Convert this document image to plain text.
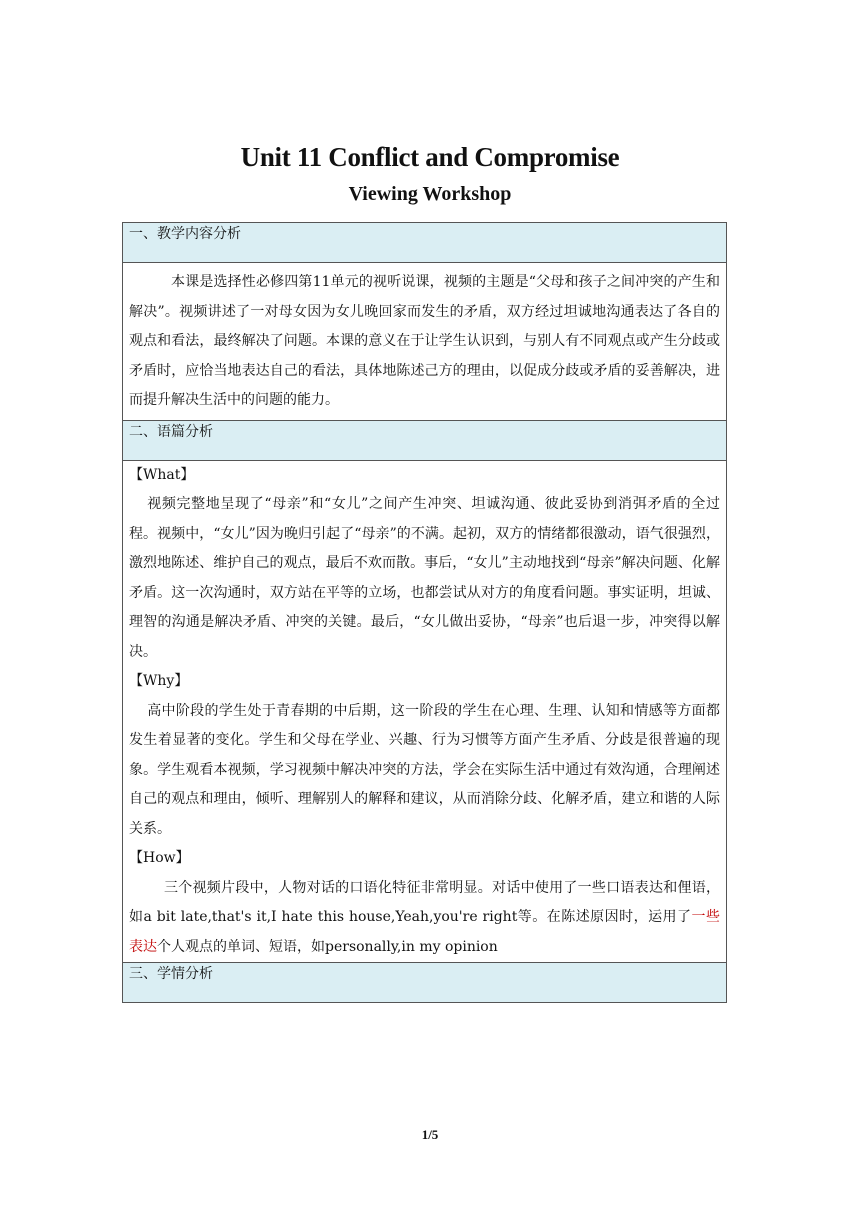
Unit 11 Conflict and Compromise
Viewing Workshop
一、教学内容分析

本课是选择性必修四第11单元的视听说课，视频的主题是“父母和孩子之间冲突的产生和解决”。视频讲述了一对母女因为女儿晚回家而发生的矛盾，双方经过坦诚地沟通表达了各自的观点和看法，最终解决了问题。本课的意义在于让学生认识到，与别人有不同观点或产生分歧或矛盾时，应恰当地表达自己的看法，具体地陈述己方的理由，以促成分歧或矛盾的妥善解决，进而提升解决生活中的问题的能力。

二、语篇分析

【What】

视频完整地呈现了“母亲”和“女儿”之间产生冲突、坦诚沟通、彼此妥协到消弭矛盾的全过程。视频中，“女儿”因为晚归引起了“母亲”的不满。起初，双方的情绪都很激动，语气很强烈，激烈地陈述、维护自己的观点，最后不欢而散。事后，“女儿”主动地找到“母亲”解决问题、化解矛盾。这一次沟通时，双方站在平等的立场，也都尝试从对方的角度看问题。事实证明，坦诚、理智的沟通是解决矛盾、冲突的关键。最后，“女儿做出妥协，“母亲”也后退一步，冲突得以解决。

【Why】

高中阶段的学生处于青春期的中后期，这一阶段的学生在心理、生理、认知和情感等方面都发生着显著的变化。学生和父母在学业、兴趣、行为习惯等方面产生矛盾、分歧是很普遍的现象。学生观看本视频，学习视频中解决冲突的方法，学会在实际生活中通过有效沟通，合理阐述自己的观点和理由，倾听、理解别人的解释和建议，从而消除分歧、化解矛盾，建立和谐的人际关系。

【How】

三个视频片段中，人物对话的口语化特征非常明显。对话中使用了一些口语表达和俚语，如a bit late,that's it,I hate this house,Yeah,you're right等。在陈述原因时，运用了一些表达个人观点的单词、短语，如personally,in my opinion

三、学情分析
1/5
